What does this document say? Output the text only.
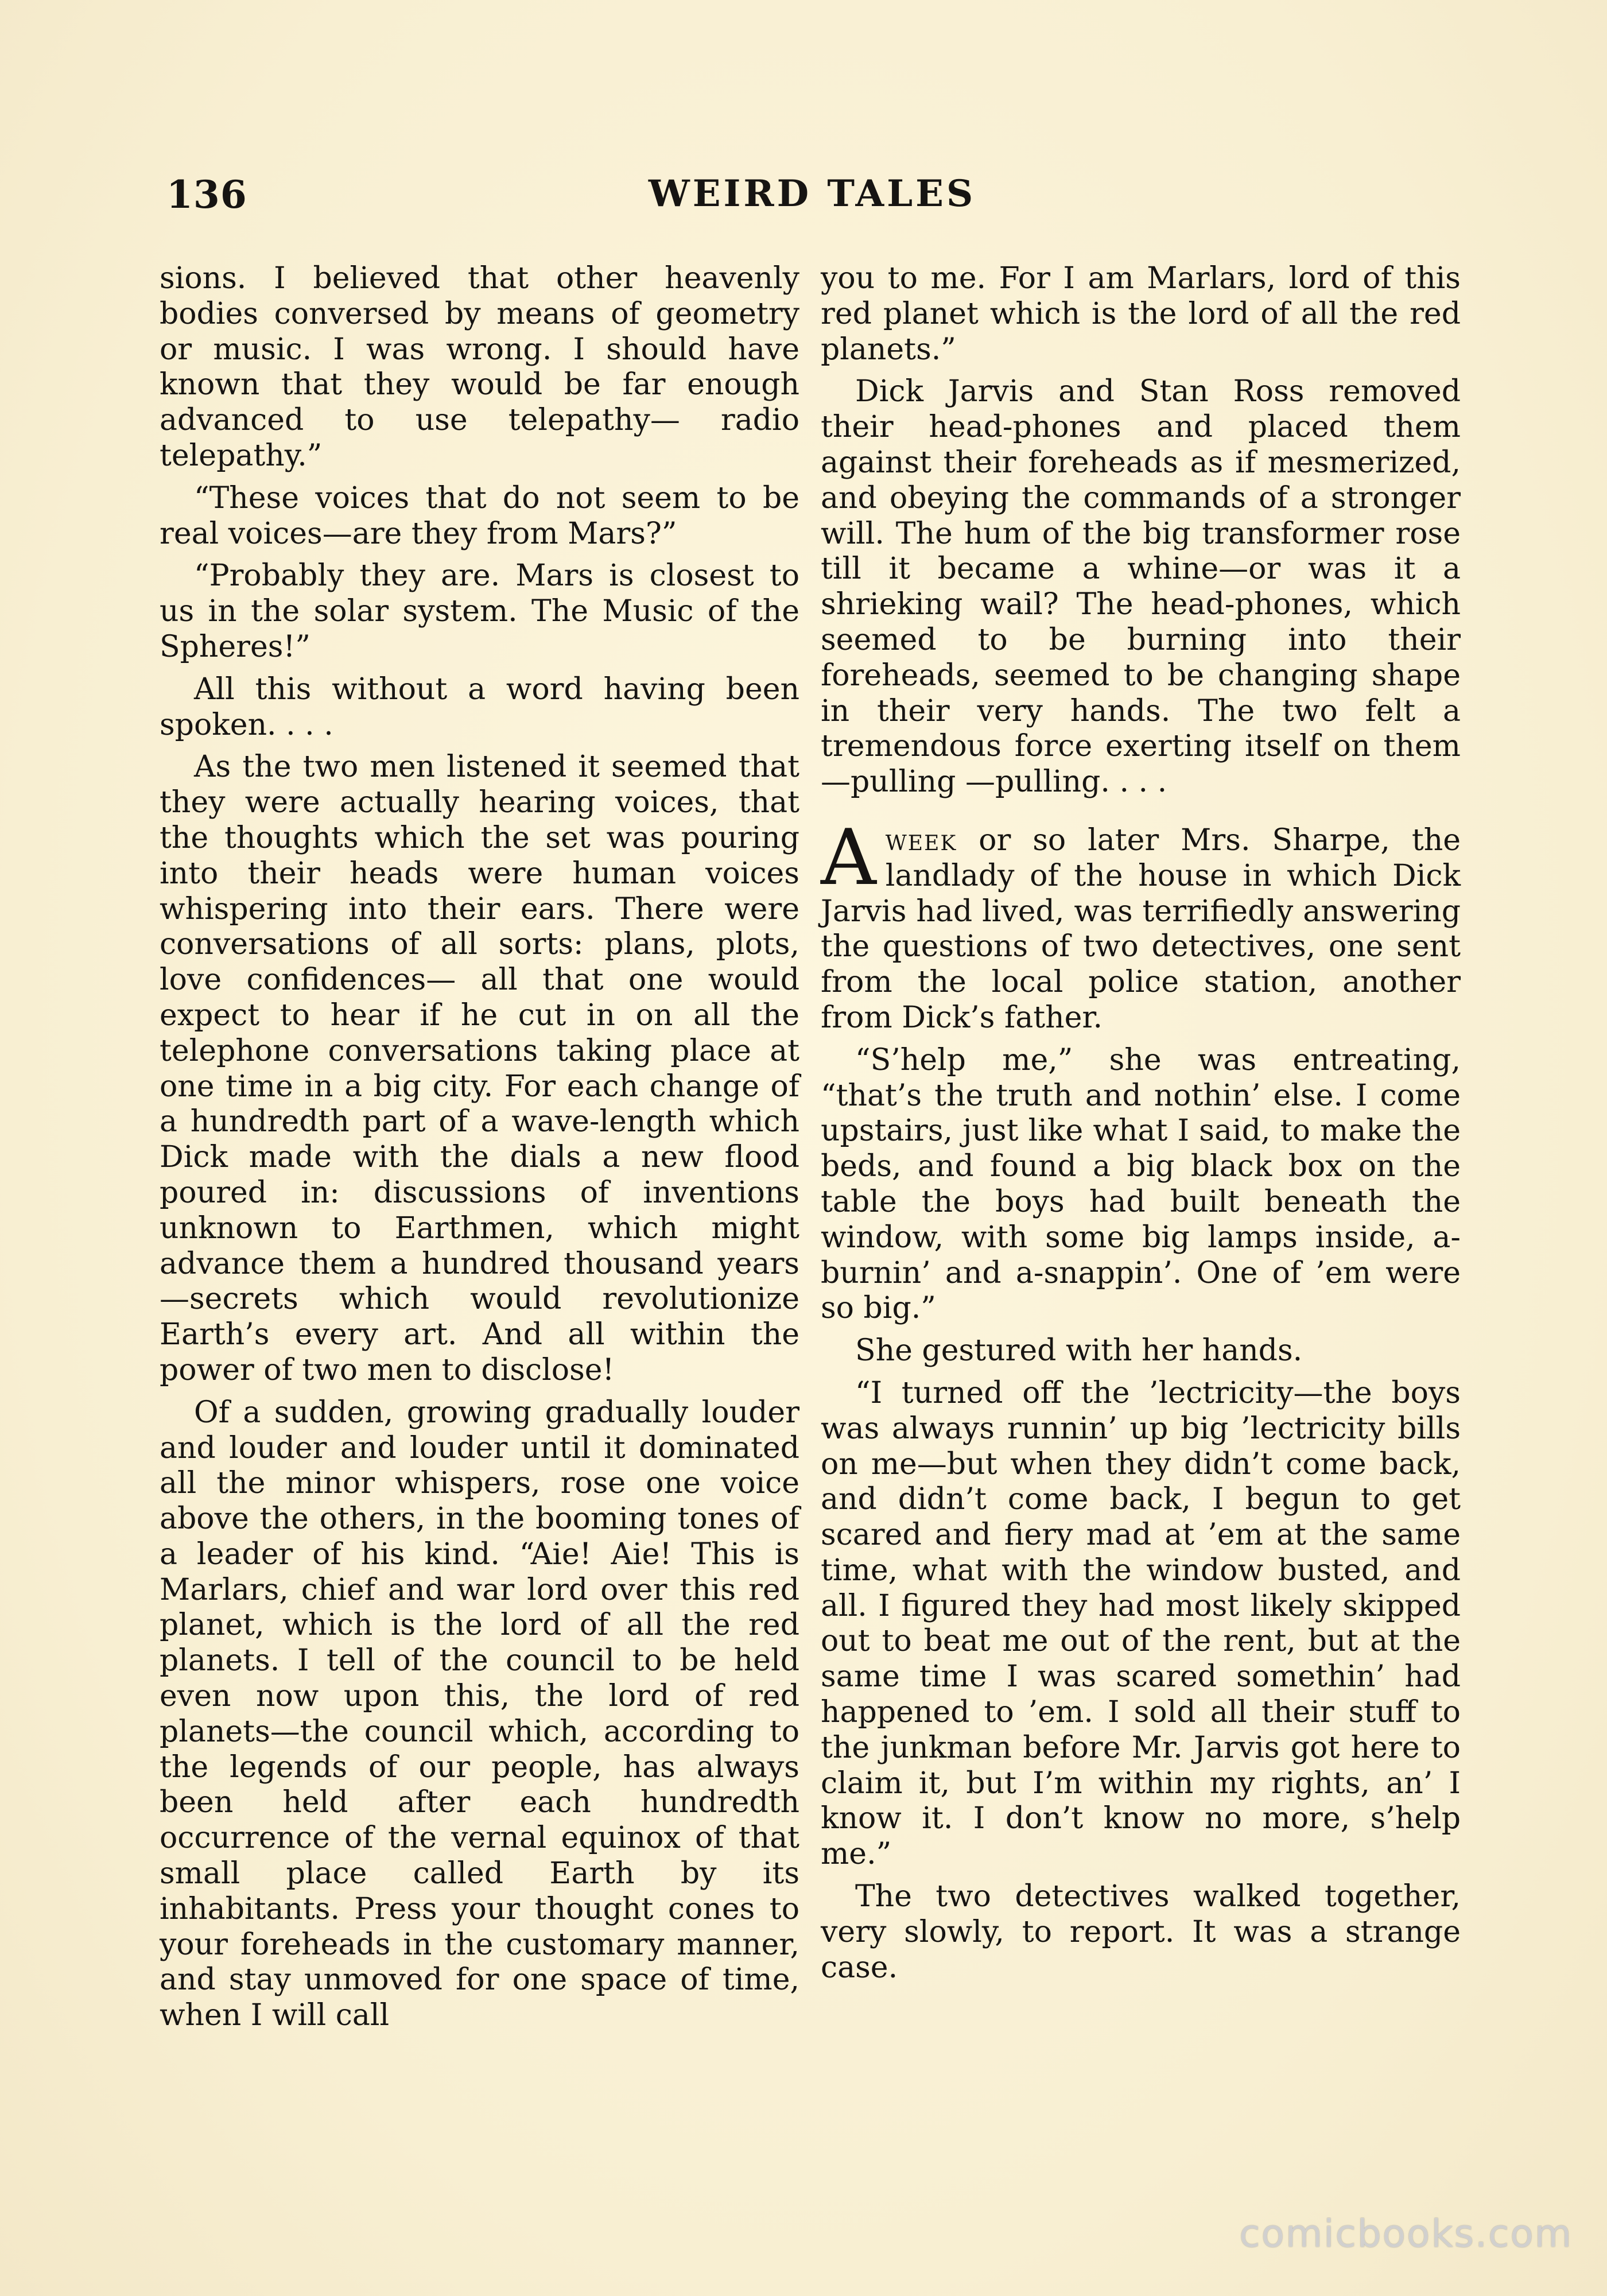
136	WEIRD TALES

sions. I believed that other heavenly bodies conversed by means of geometry or music. I was wrong. I should have known that they would be far enough advanced to use telepathy— radio telepathy.”

“These voices that do not seem to be real voices—are they from Mars?”

“Probably they are. Mars is closest to us in the solar system. The Music of the Spheres!”

All this without a word having been spoken. . . .

As the two men listened it seemed that they were actually hearing voices, that the thoughts which the set was pouring into their heads were human voices whispering into their ears. There were conversations of all sorts: plans, plots, love confidences— all that one would expect to hear if he cut in on all the telephone conversations taking place at one time in a big city. For each change of a hundredth part of a wave-length which Dick made with the dials a new flood poured in: discussions of inventions unknown to Earthmen, which might advance them a hundred thousand years—secrets which would revolutionize Earth’s every art. And all within the power of two men to disclose!

Of a sudden, growing gradually louder and louder and louder until it dominated all the minor whispers, rose one voice above the others, in the booming tones of a leader of his kind. “Aie! Aie! This is Marlars, chief and war lord over this red planet, which is the lord of all the red planets. I tell of the council to be held even now upon this, the lord of red planets—the council which, according to the legends of our people, has always been held after each hundredth occurrence of the vernal equinox of that small place called Earth by its inhabitants. Press your thought cones to your foreheads in the customary manner, and stay unmoved for one space of time, when I will call

you to me. For I am Marlars, lord of this red planet which is the lord of all the red planets.”

Dick Jarvis and Stan Ross removed their head-phones and placed them against their foreheads as if mesmerized, and obeying the commands of a stronger will. The hum of the big transformer rose till it became a whine—or was it a shrieking wail? The head-phones, which seemed to be burning into their foreheads, seemed to be changing shape in their very hands. The two felt a tremendous force exerting itself on them—pulling —pulling. . . .

Aweek or so later Mrs. Sharpe, the landlady of the house in which Dick Jarvis had lived, was terrifiedly answering the questions of two detectives, one sent from the local police station, another from Dick’s father.

“S’help me,” she was entreating, “that’s the truth and nothin’ else. I come upstairs, just like what I said, to make the beds, and found a big black box on the table the boys had built beneath the window, with some big lamps inside, a-burnin’ and a-snappin’. One of ’em were so big.”

She gestured with her hands.

“I turned off the ’lectricity—the boys was always runnin’ up big ’lectricity bills on me—but when they didn’t come back, and didn’t come back, I begun to get scared and fiery mad at ’em at the same time, what with the window busted, and all. I figured they had most likely skipped out to beat me out of the rent, but at the same time I was scared somethin’ had happened to ’em. I sold all their stuff to the junkman before Mr. Jarvis got here to claim it, but I’m within my rights, an’ I know it. I don’t know no more, s’help me.”

The two detectives walked together, very slowly, to report. It was a strange case.

comicbooks.com
